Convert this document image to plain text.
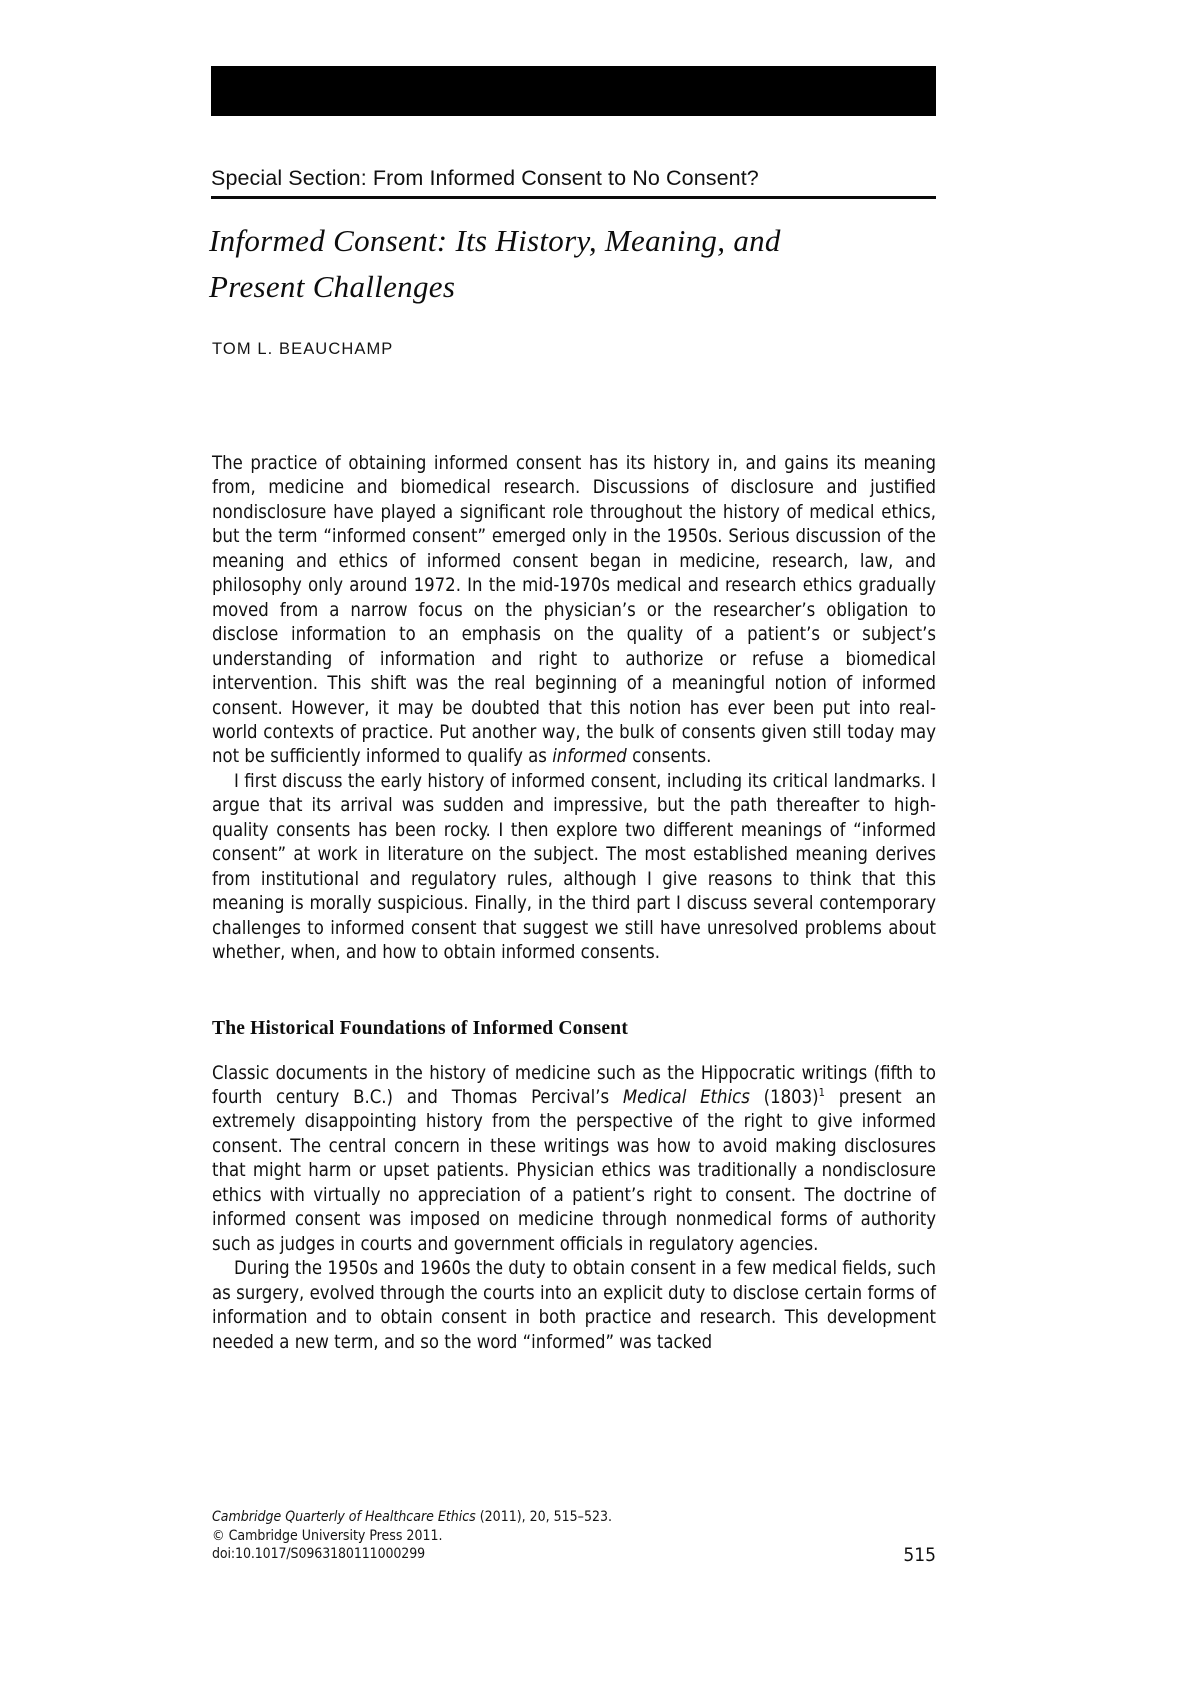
Special Section: From Informed Consent to No Consent?
Informed Consent: Its History, Meaning, and
Present Challenges
TOM L. BEAUCHAMP

The practice of obtaining informed consent has its history in, and gains its meaning from, medicine and biomedical research. Discussions of disclosure and justified nondisclosure have played a significant role throughout the history of medical ethics, but the term “informed consent” emerged only in the 1950s. Serious discussion of the meaning and ethics of informed consent began in medicine, research, law, and philosophy only around 1972. In the mid-1970s medical and research ethics gradually moved from a narrow focus on the physician’s or the researcher’s obligation to disclose information to an emphasis on the quality of a patient’s or subject’s understanding of information and right to authorize or refuse a biomedical intervention. This shift was the real beginning of a meaningful notion of informed consent. However, it may be doubted that this notion has ever been put into real-world contexts of practice. Put another way, the bulk of consents given still today may not be sufficiently informed to qualify as informed consents.

I first discuss the early history of informed consent, including its critical landmarks. I argue that its arrival was sudden and impressive, but the path thereafter to high-quality consents has been rocky. I then explore two different meanings of “informed consent” at work in literature on the subject. The most established meaning derives from institutional and regulatory rules, although I give reasons to think that this meaning is morally suspicious. Finally, in the third part I discuss several contemporary challenges to informed consent that suggest we still have unresolved problems about whether, when, and how to obtain informed consents.

The Historical Foundations of Informed Consent

Classic documents in the history of medicine such as the Hippocratic writings (fifth to fourth century B.C.) and Thomas Percival’s Medical Ethics (1803)$^1$ present an extremely disappointing history from the perspective of the right to give informed consent. The central concern in these writings was how to avoid making disclosures that might harm or upset patients. Physician ethics was traditionally a nondisclosure ethics with virtually no appreciation of a patient’s right to consent. The doctrine of informed consent was imposed on medicine through nonmedical forms of authority such as judges in courts and government officials in regulatory agencies.

During the 1950s and 1960s the duty to obtain consent in a few medical fields, such as surgery, evolved through the courts into an explicit duty to disclose certain forms of information and to obtain consent in both practice and research. This development needed a new term, and so the word “informed” was tacked

Cambridge Quarterly of Healthcare Ethics (2011), 20, 515–523.
© Cambridge University Press 2011.
doi:10.1017/S0963180111000299	515
